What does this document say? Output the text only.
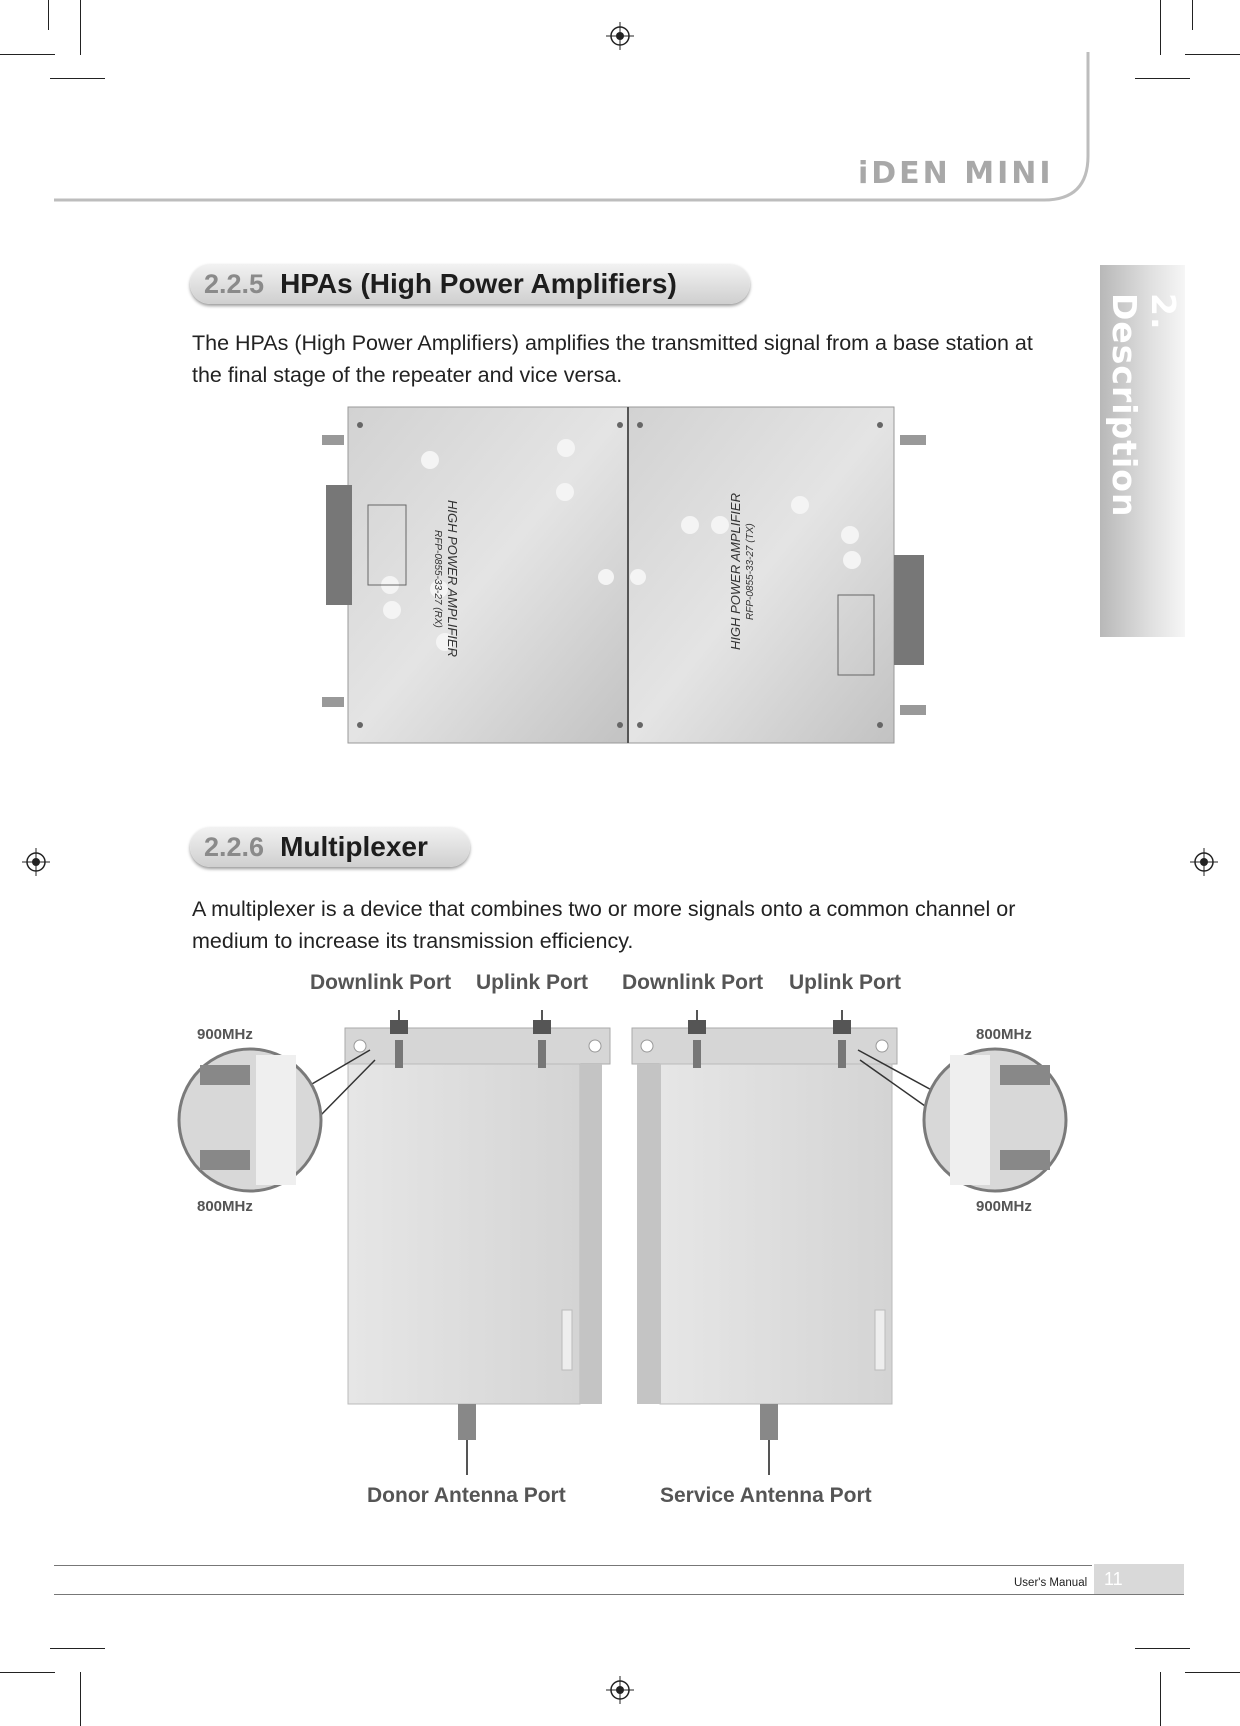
iDEN MINI
2. Description
2.2.5 HPAs (High Power Amplifiers)
The HPAs (High Power Amplifiers) amplifies the transmitted signal from a base station at the final stage of the repeater and vice versa.
HIGH POWER AMPLIFIER
RFP-0855-33-27 (RX)	HIGH POWER AMPLIFIER RFP-0855-33-27 (TX)
2.2.6 Multiplexer
A multiplexer is a device that combines two or more signals onto a common channel or medium to increase its transmission efficiency.
Downlink Port Uplink Port Downlink Port Uplink Port
900MHz
800MHz
800MHz
900MHz
Donor Antenna Port	Service Antenna Port
User's Manual 11
